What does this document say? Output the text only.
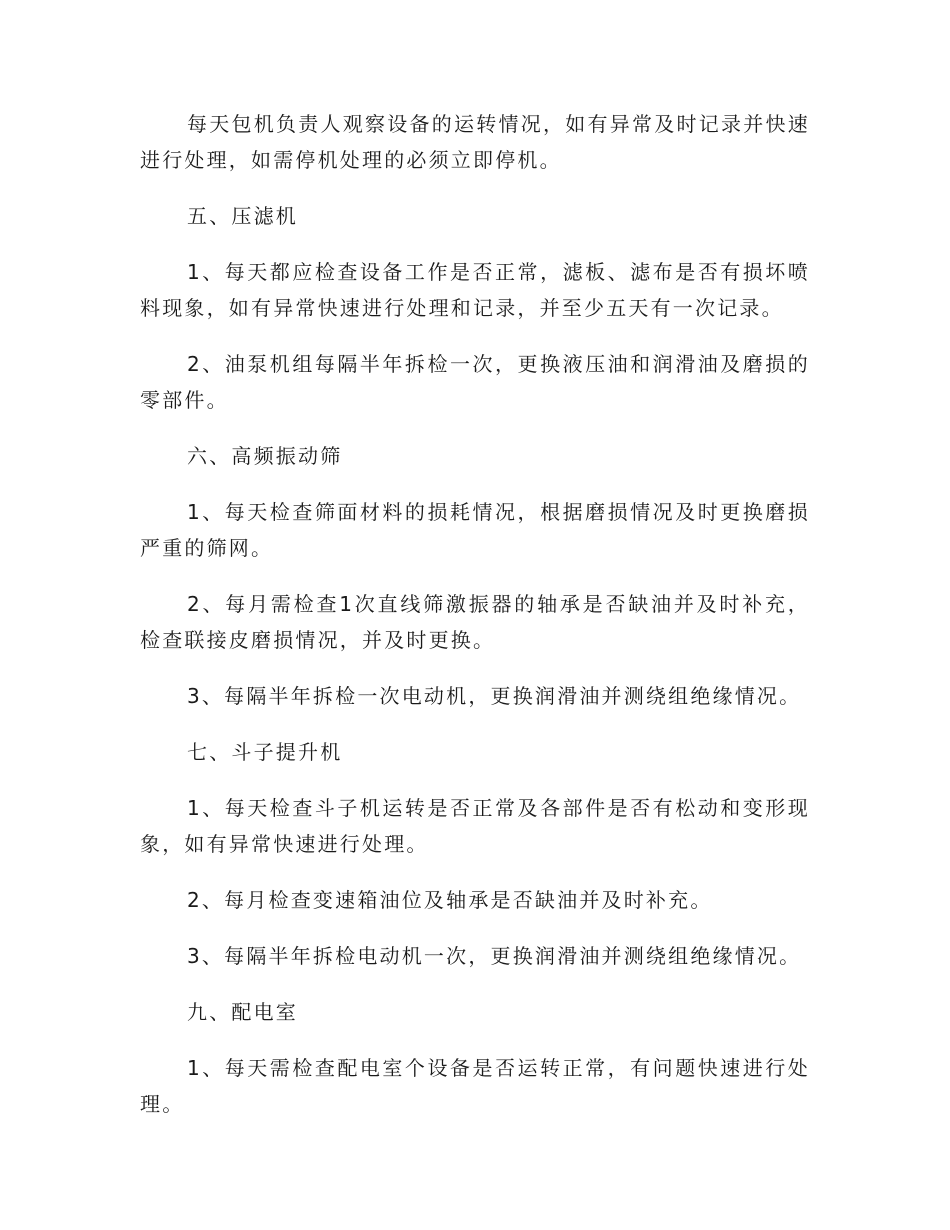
每天包机负责人观察设备的运转情况，如有异常及时记录并快速进行处理，如需停机处理的必须立即停机。

五、压滤机

1、每天都应检查设备工作是否正常，滤板、滤布是否有损坏喷料现象，如有异常快速进行处理和记录，并至少五天有一次记录。

2、油泵机组每隔半年拆检一次，更换液压油和润滑油及磨损的零部件。

六、高频振动筛

1、每天检查筛面材料的损耗情况，根据磨损情况及时更换磨损严重的筛网。

2、每月需检查1次直线筛激振器的轴承是否缺油并及时补充，检查联接皮磨损情况，并及时更换。

3、每隔半年拆检一次电动机，更换润滑油并测绕组绝缘情况。

七、斗子提升机

1、每天检查斗子机运转是否正常及各部件是否有松动和变形现象，如有异常快速进行处理。

2、每月检查变速箱油位及轴承是否缺油并及时补充。

3、每隔半年拆检电动机一次，更换润滑油并测绕组绝缘情况。

九、配电室

1、每天需检查配电室个设备是否运转正常，有问题快速进行处理。
